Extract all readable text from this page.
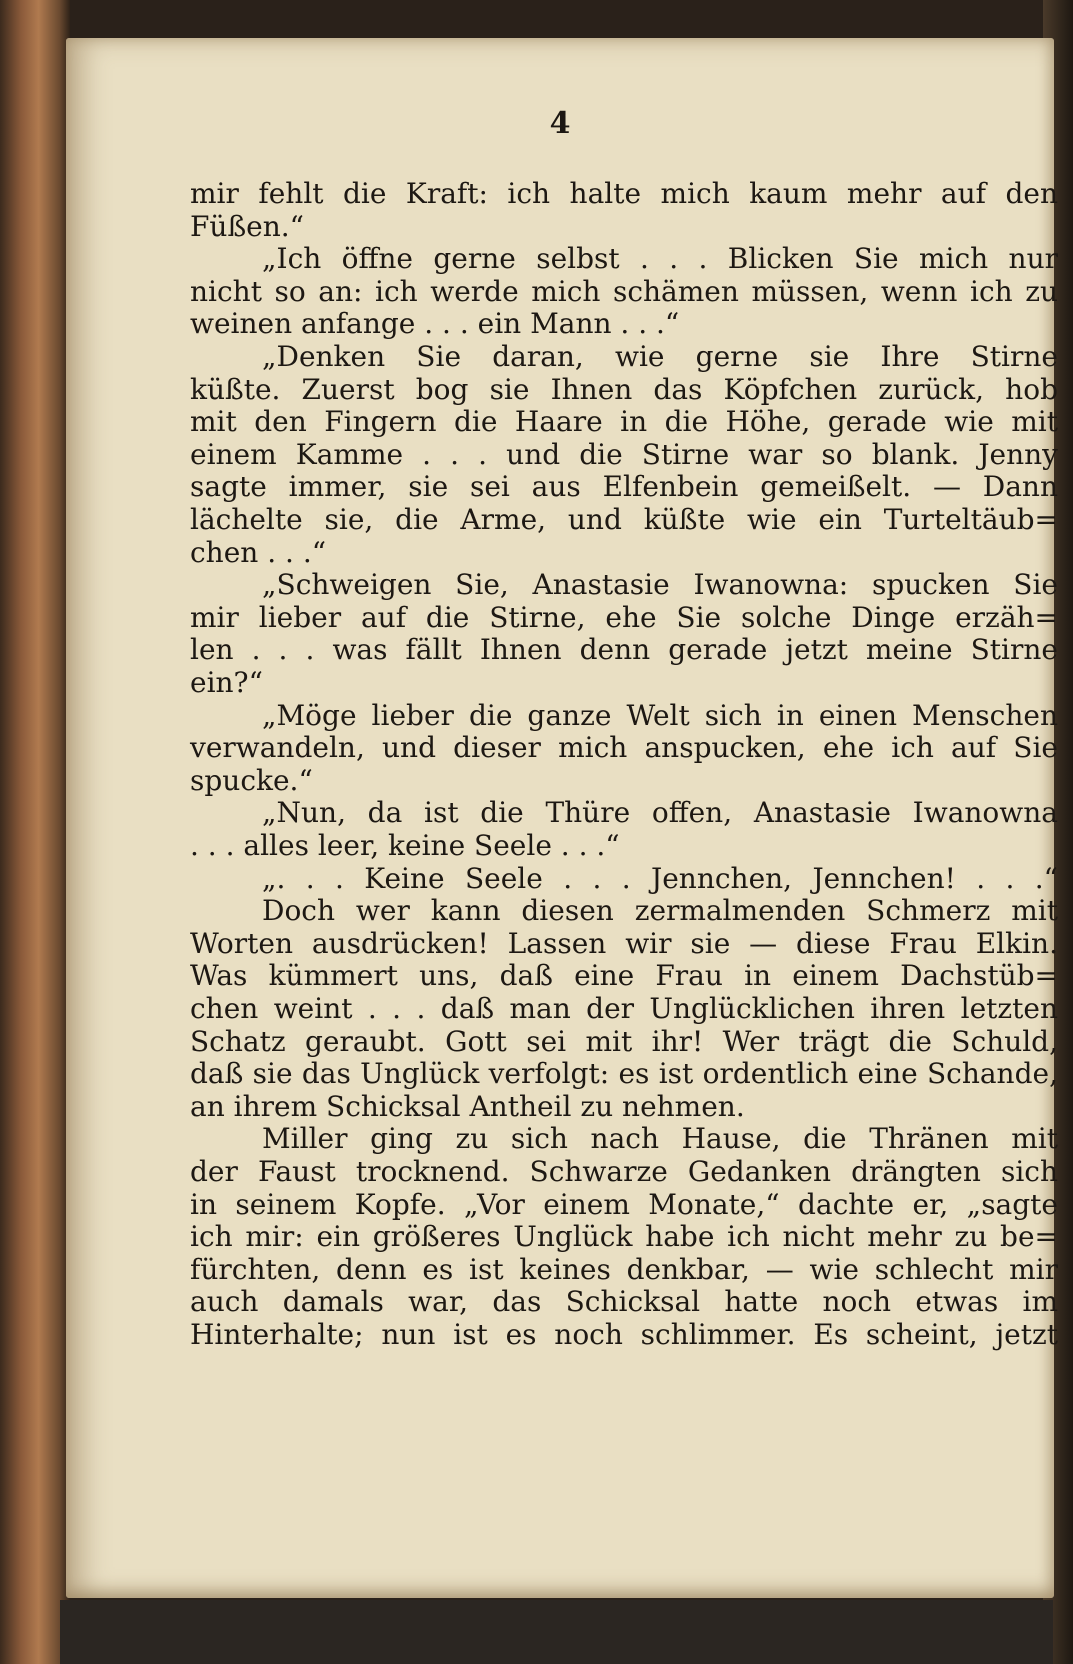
4
mir fehlt die Kraft: ich halte mich kaum mehr auf den
Füßen.“
„Ich öffne gerne selbst . . . Blicken Sie mich nur
nicht so an: ich werde mich schämen müssen, wenn ich zu
weinen anfange . . . ein Mann . . .“
„Denken Sie daran, wie gerne sie Ihre Stirne
küßte. Zuerst bog sie Ihnen das Köpfchen zurück, hob
mit den Fingern die Haare in die Höhe, gerade wie mit
einem Kamme . . . und die Stirne war so blank. Jenny
sagte immer, sie sei aus Elfenbein gemeißelt. — Dann
lächelte sie, die Arme, und küßte wie ein Turteltäub=
chen . . .“
„Schweigen Sie, Anastasie Iwanowna: spucken Sie
mir lieber auf die Stirne, ehe Sie solche Dinge erzäh=
len . . . was fällt Ihnen denn gerade jetzt meine Stirne
ein?“
„Möge lieber die ganze Welt sich in einen Menschen
verwandeln, und dieser mich anspucken, ehe ich auf Sie
spucke.“
„Nun, da ist die Thüre offen, Anastasie Iwanowna
. . . alles leer, keine Seele . . .“
„. . . Keine Seele . . . Jennchen, Jennchen! . . .“
Doch wer kann diesen zermalmenden Schmerz mit
Worten ausdrücken! Lassen wir sie — diese Frau Elkin.
Was kümmert uns, daß eine Frau in einem Dachstüb=
chen weint . . . daß man der Unglücklichen ihren letzten
Schatz geraubt. Gott sei mit ihr! Wer trägt die Schuld,
daß sie das Unglück verfolgt: es ist ordentlich eine Schande,
an ihrem Schicksal Antheil zu nehmen.
Miller ging zu sich nach Hause, die Thränen mit
der Faust trocknend. Schwarze Gedanken drängten sich
in seinem Kopfe. „Vor einem Monate,“ dachte er, „sagte
ich mir: ein größeres Unglück habe ich nicht mehr zu be=
fürchten, denn es ist keines denkbar, — wie schlecht mir
auch damals war, das Schicksal hatte noch etwas im
Hinterhalte; nun ist es noch schlimmer. Es scheint, jetzt
